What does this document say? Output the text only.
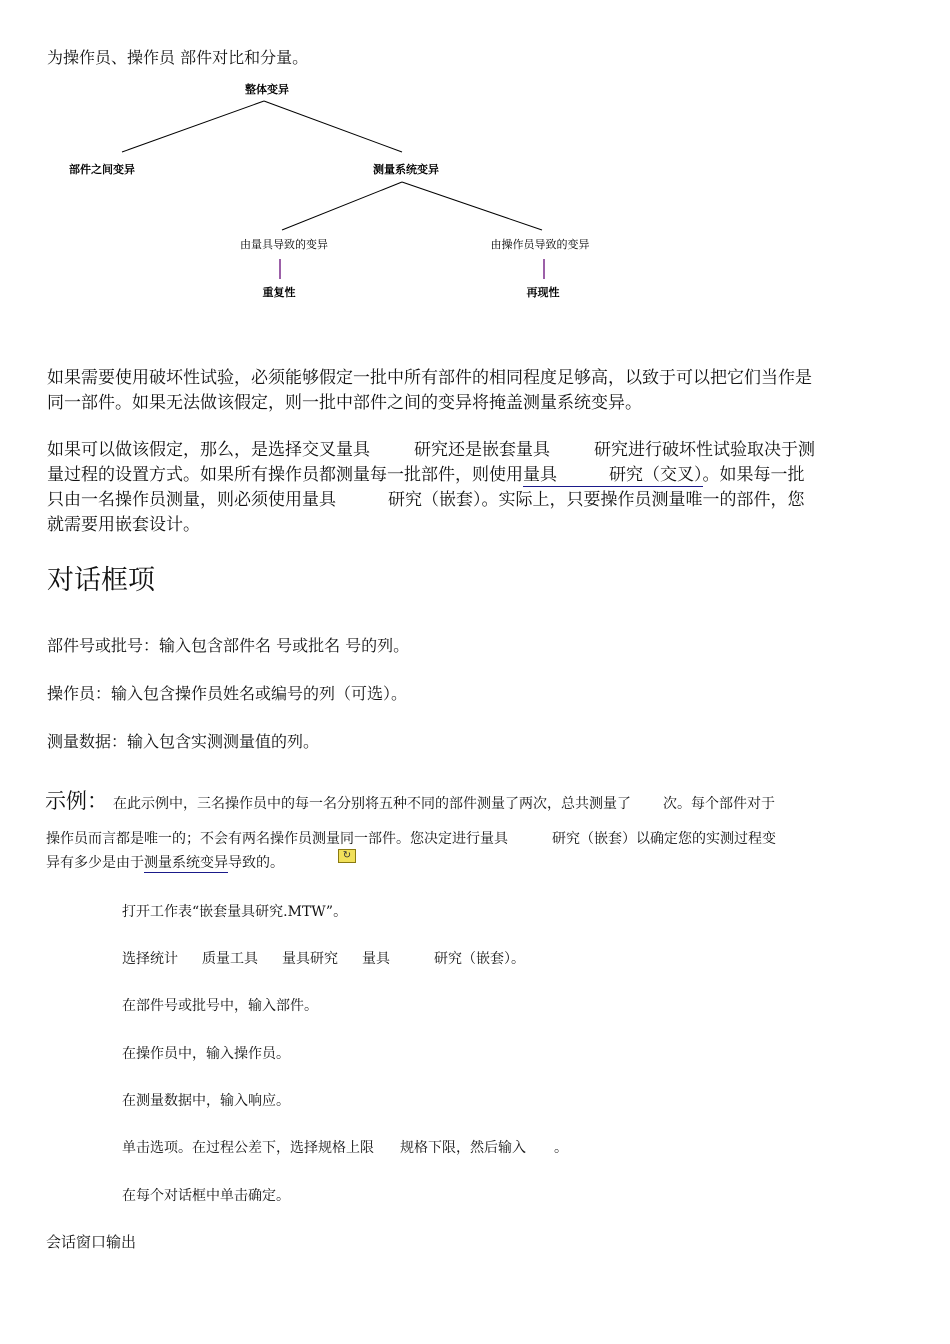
为操作员、操作员 部件对比和分量。
整体变异
部件之间变异	测量系统变异
由量具导致的变异	由操作员导致的变异
重复性	再现性

如果需要使用破坏性试验，必须能够假定一批中所有部件的相同程度足够高，以致于可以把它们当作是

同一部件。如果无法做该假定，则一批中部件之间的变异将掩盖测量系统变异。

如果可以做该假定，那么，是选择交叉量具	研究还是嵌套量具	研究进行破坏性试验取决于测

量过程的设置方式。如果所有操作员都测量每一批部件，则使用量具	研究（交叉）。如果每一批

只由一名操作员测量，则必须使用量具	研究（嵌套）。实际上，只要操作员测量唯一的部件，您

就需要用嵌套设计。

对话框项
部件号或批号：输入包含部件名 号或批名 号的列。
操作员：输入包含操作员姓名或编号的列（可选）。
测量数据：输入包含实测测量值的列。
示例： 在此示例中，三名操作员中的每一名分别将五种不同的部件测量了两次，总共测量了 次。每个部件对于
操作员而言都是唯一的；不会有两名操作员测量同一部件。您决定进行量具	研究（嵌套）以确定您的实测过程变
异有多少是由于测量系统变异导致的。	↻
打开工作表“嵌套量具研究.MTW”。
选择统计 质量工具 量具研究 量具	研究（嵌套）。
在部件号或批号中，输入部件。
在操作员中，输入操作员。
在测量数据中，输入响应。
单击选项。在过程公差下，选择规格上限 规格下限，然后输入 。
在每个对话框中单击确定。
会话窗口输出
